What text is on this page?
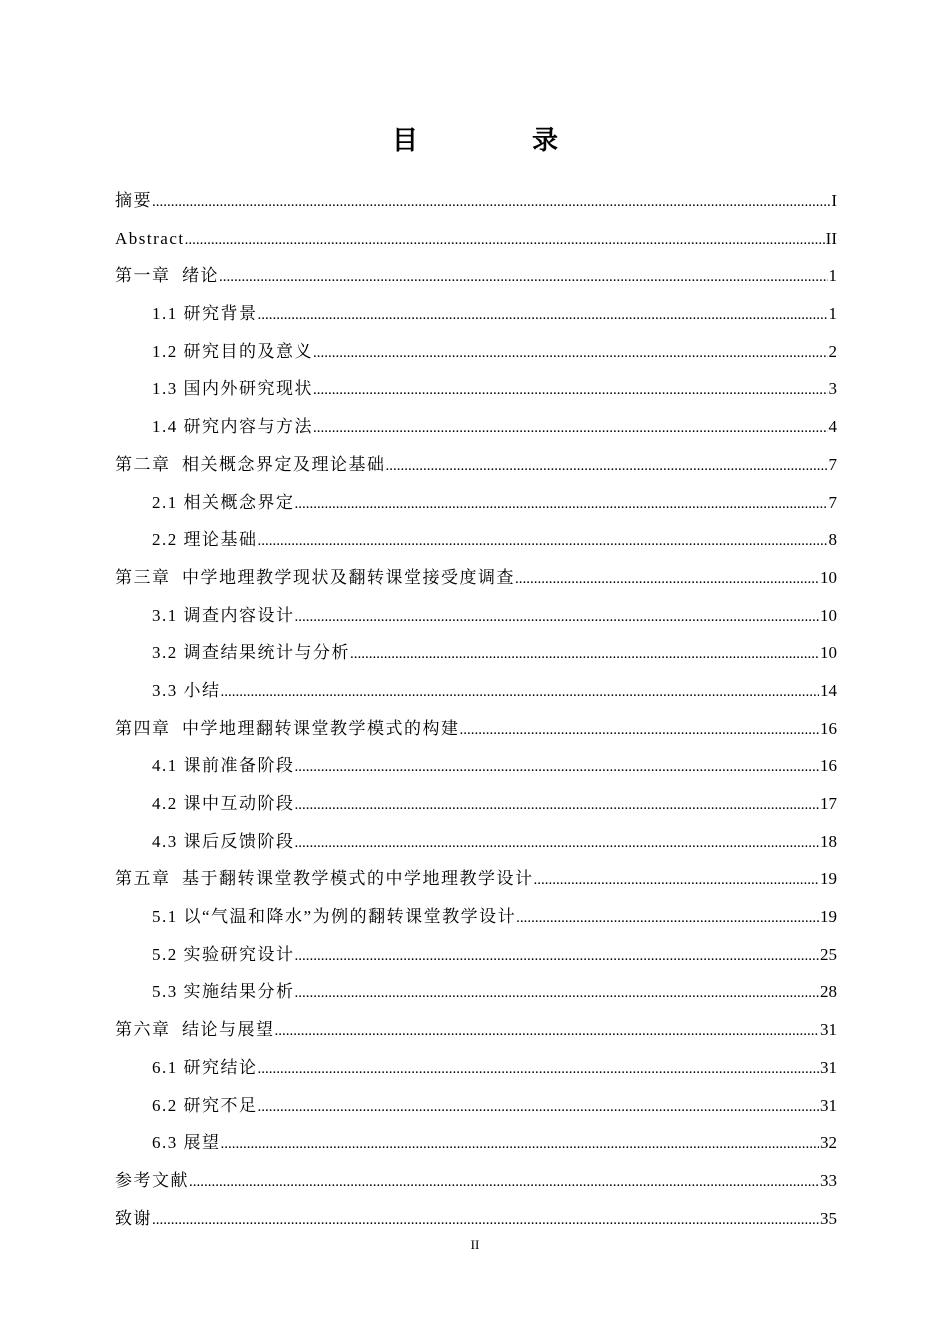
目　录
摘要 .....	I
Abstract .....	II
第一章  绪论 .....	1
1.1 研究背景 .....	1
1.2 研究目的及意义 .....	2
1.3 国内外研究现状 .....	3
1.4 研究内容与方法 .....	4
第二章  相关概念界定及理论基础 .....	7
2.1 相关概念界定 .....	7
2.2 理论基础 .....	8
第三章  中学地理教学现状及翻转课堂接受度调查 .....	10
3.1 调查内容设计 .....	10
3.2 调查结果统计与分析 .....	10
3.3 小结 .....	14
第四章  中学地理翻转课堂教学模式的构建 .....	16
4.1 课前准备阶段 .....	16
4.2 课中互动阶段 .....	17
4.3 课后反馈阶段 .....	18
第五章  基于翻转课堂教学模式的中学地理教学设计 .....	19
5.1 以“气温和降水”为例的翻转课堂教学设计 .....	19
5.2 实验研究设计 .....	25
5.3 实施结果分析 .....	28
第六章  结论与展望 .....	31
6.1 研究结论 .....	31
6.2 研究不足 .....	31
6.3 展望 .....	32
参考文献 .....	33
致谢 .....	35
II
